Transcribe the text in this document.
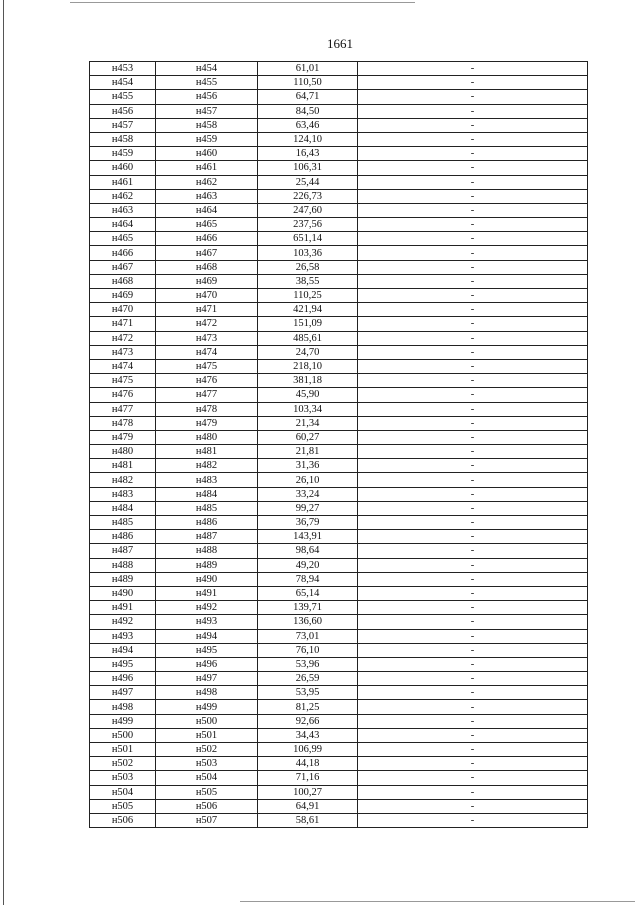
1661
н453	н454	61,01	-
н454	н455	110,50	-
н455	н456	64,71	-
н456	н457	84,50	-
н457	н458	63,46	-
н458	н459	124,10	-
н459	н460	16,43	-
н460	н461	106,31	-
н461	н462	25,44	-
н462	н463	226,73	-
н463	н464	247,60	-
н464	н465	237,56	-
н465	н466	651,14	-
н466	н467	103,36	-
н467	н468	26,58	-
н468	н469	38,55	-
н469	н470	110,25	-
н470	н471	421,94	-
н471	н472	151,09	-
н472	н473	485,61	-
н473	н474	24,70	-
н474	н475	218,10	-
н475	н476	381,18	-
н476	н477	45,90	-
н477	н478	103,34	-
н478	н479	21,34	-
н479	н480	60,27	-
н480	н481	21,81	-
н481	н482	31,36	-
н482	н483	26,10	-
н483	н484	33,24	-
н484	н485	99,27	-
н485	н486	36,79	-
н486	н487	143,91	-
н487	н488	98,64	-
н488	н489	49,20	-
н489	н490	78,94	-
н490	н491	65,14	-
н491	н492	139,71	-
н492	н493	136,60	-
н493	н494	73,01	-
н494	н495	76,10	-
н495	н496	53,96	-
н496	н497	26,59	-
н497	н498	53,95	-
н498	н499	81,25	-
н499	н500	92,66	-
н500	н501	34,43	-
н501	н502	106,99	-
н502	н503	44,18	-
н503	н504	71,16	-
н504	н505	100,27	-
н505	н506	64,91	-
н506	н507	58,61	-
